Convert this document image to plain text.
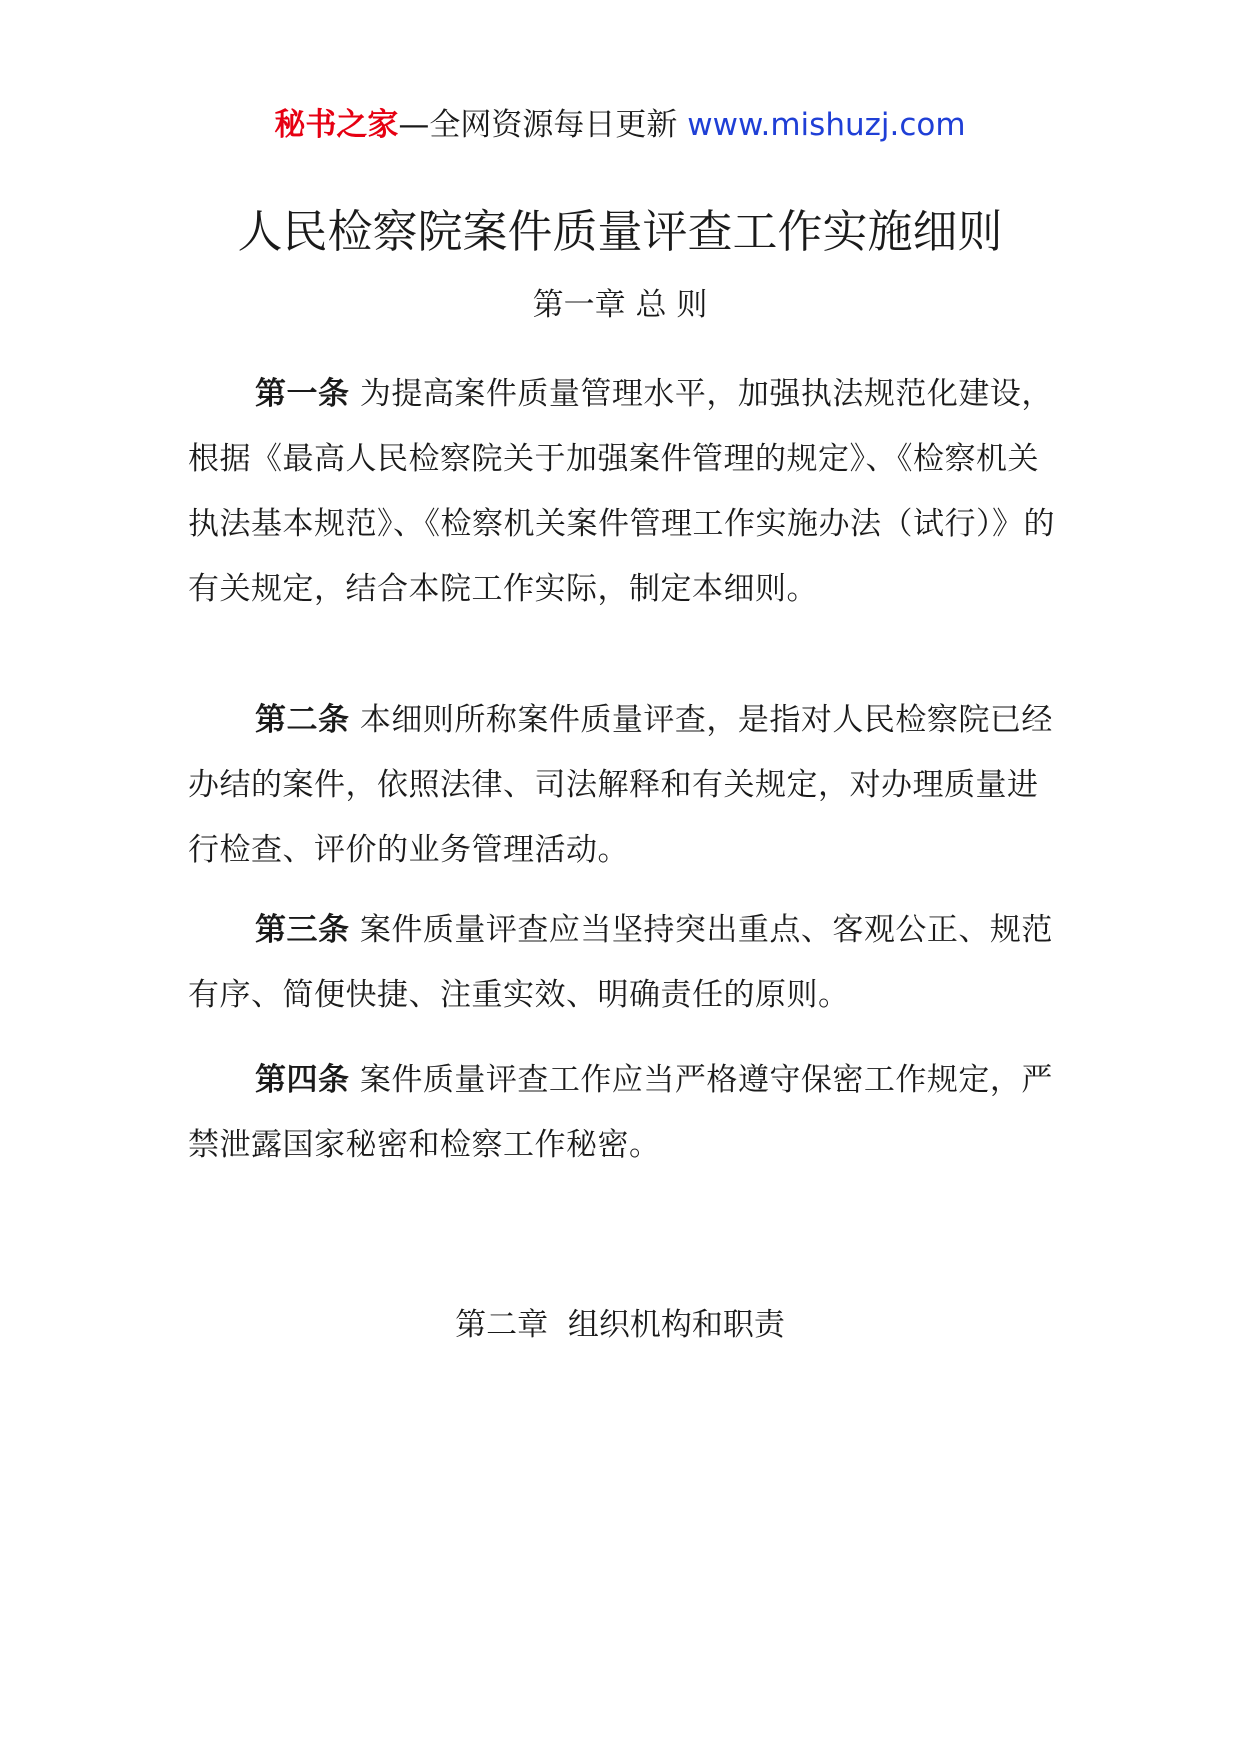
秘书之家—全网资源每日更新 www.mishuzj.com
人民检察院案件质量评查工作实施细则
第一章 总 则

第一条 为提高案件质量管理水平，加强执法规范化建设，根据《最高人民检察院关于加强案件管理的规定》、《检察机关执法基本规范》、《检察机关案件管理工作实施办法（试行）》的有关规定，结合本院工作实际，制定本细则。

第二条 本细则所称案件质量评查，是指对人民检察院已经办结的案件，依照法律、司法解释和有关规定，对办理质量进行检查、评价的业务管理活动。

第三条 案件质量评查应当坚持突出重点、客观公正、规范有序、简便快捷、注重实效、明确责任的原则。

第四条 案件质量评查工作应当严格遵守保密工作规定，严禁泄露国家秘密和检察工作秘密。

第二章  组织机构和职责
